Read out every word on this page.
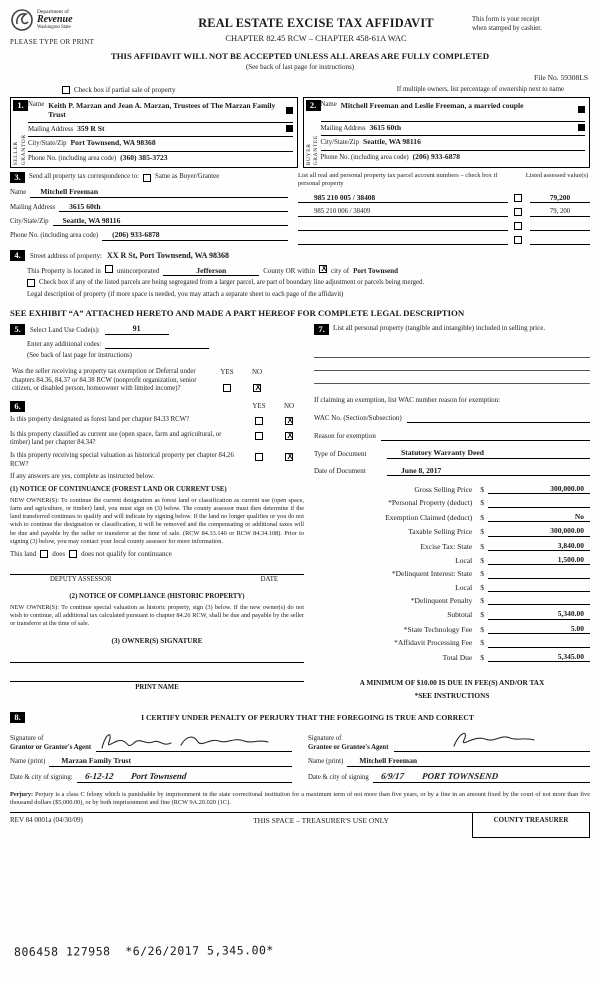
Department of
Revenue
Washington State
PLEASE TYPE OR PRINT
REAL ESTATE EXCISE TAX AFFIDAVIT
CHAPTER 82.45 RCW – CHAPTER 458-61A WAC
This form is your receipt
when stamped by cashier.
THIS AFFIDAVIT WILL NOT BE ACCEPTED UNLESS ALL AREAS ARE FULLY COMPLETED
(See back of last page for instructions)
File No. 59308LS
Check box if partial sale of property	If multiple owners, list percentage of ownership next to name
1.
SELLER GRANTOR
Name Keith P. Marzan and Jean A. Marzan, Trustees of The Marzan Family Trust
Mailing Address 359 R St
City/State/Zip Port Townsend, WA 98368
Phone No. (including area code) (360) 385-3723
2.
BUYER GRANTEE
Name Mitchell Freeman and Leslie Freeman, a married couple
Mailing Address 3615 60th
City/State/Zip Seattle, WA 98116
Phone No. (including area code) (206) 933-6878
3.	Send all property tax correspondence to: Same as Buyer/Grantee
Name	Mitchell Freeman
Mailing Address	3615 60th
City/State/Zip	Seattle, WA 98116
Phone No. (including area code)	(206) 933-6878
List all real and personal property tax parcel account numbers – check box if personal property
Listed assessed value(s)
985 210 005 / 38408	79,200
985 210 006 / 38409	79, 200
4.	Street address of property: XX R St, Port Townsend, WA 98368
This Property is located in unincorporated	Jefferson	County OR within X city of Port Townsend
Check box if any of the listed parcels are being segregated from a larger parcel, are part of boundary line adjustment or parcels being merged.
Legal description of property (if more space is needed, you may attach a separate sheet to each page of the affidavit)
SEE EXHIBIT “A” ATTACHED HERETO AND MADE A PART HEREOF FOR COMPLETE LEGAL DESCRIPTION
5.	Select Land Use Code(s):	91
Enter any additional codes:
(See back of last page for instructions)
Was the seller receiving a property tax exemption or Deferral under chapters 84.36, 84.37 or 84.38 RCW (nonprofit organization, senior citizen, or disabled person, homeowner with limited income)?
YES	NO
X
6.	YES	NO
Is this property designated as forest land per chapter 84.33 RCW?
X
Is this property classified as current use (open space, farm and agricultural, or timber) land per chapter 84.34?
X
Is this property receiving special valuation as historical property per chapter 84.26 RCW?
X
If any answers are yes, complete as instructed below.
(1) NOTICE OF CONTINUANCE (FOREST LAND OR CURRENT USE)
NEW OWNER(S): To continue the current designation as forest land or classification as current use (open space, farm and agriculture, or timber) land, you must sign on (3) below. The county assessor must then determine if the land transferred continues to qualify and will indicate by signing below. If the land no longer qualifies or you do not wish to continue the designation or classification, it will be removed and the compensating or additional taxes will be due and payable by the seller or transferor at the time of sale. (RCW 84.33.140 or RCW 84.34.108). Prior to signing (3) below, you may contact your local county assessor for more information.
This land does does not qualify for continuance
DEPUTY ASSESSOR	DATE
(2) NOTICE OF COMPLIANCE (HISTORIC PROPERTY)
NEW OWNER(S): To continue special valuation as historic property, sign (3) below. If the new owner(s) do not wish to continue, all additional tax calculated pursuant to chapter 84.26 RCW, shall be due and payable by the seller or transferor at the time of sale.
(3) OWNER(S) SIGNATURE
PRINT NAME
7.	List all personal property (tangible and intangible) included in selling price.
If claiming an exemption, list WAC number reason for exemption:
WAC No. (Section/Subsection)
Reason for exemption
Type of Document	Statutory Warranty Deed
Date of Document	June 8, 2017
Gross Selling Price $	300,000.00
*Personal Property (deduct) $
Exemption Claimed (deduct) $	No
Taxable Selling Price $	300,000.00
Excise Tax: State $	3,840.00
Local $	1,500.00
*Delinquent Interest: State $
Local $
*Delinquent Penalty $
Subtotal $	5,340.00
*State Technology Fee $	5.00
*Affidavit Processing Fee $
Total Due $	5,345.00
A MINIMUM OF $10.00 IS DUE IN FEE(S) AND/OR TAX
*SEE INSTRUCTIONS
8.	I CERTIFY UNDER PENALTY OF PERJURY THAT THE FOREGOING IS TRUE AND CORRECT
Signature of
Grantor or Grantor's Agent
Name (print)	Marzan Family Trust
Date & city of signing: 6-12-12 Port Townsend
Signature of
Grantee or Grantee's Agent
Name (print)	Mitchell Freeman
Date & city of signing 6/9/17 PORT TOWNSEND
Perjury: Perjury is a class C felony which is punishable by imprisonment in the state correctional institution for a maximum term of not more than five years, or by a fine in an amount fixed by the court of not more than five thousand dollars ($5,000.00), or by both imprisonment and fine (RCW 9A.20.020 (1C).
REV 84 0001a (04/30/09)	THIS SPACE – TREASURER'S USE ONLY	COUNTY TREASURER
806458 127958  *6/26/2017 5,345.00*
